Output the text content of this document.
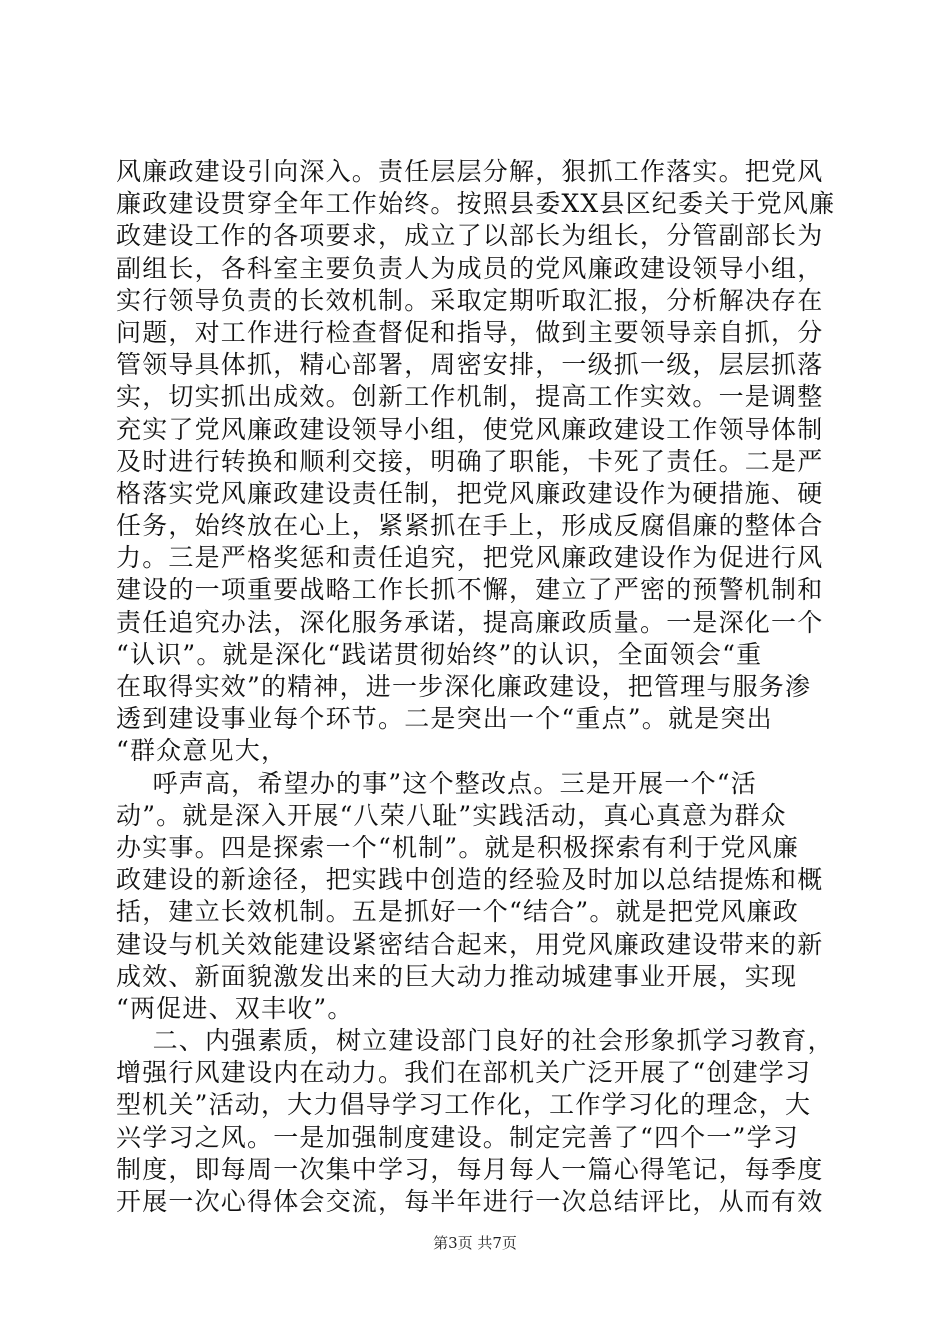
风廉政建设引向深入。责任层层分解，狠抓工作落实。把党风
廉政建设贯穿全年工作始终。按照县委XX县区纪委关于党风廉
政建设工作的各项要求，成立了以部长为组长，分管副部长为
副组长，各科室主要负责人为成员的党风廉政建设领导小组，
实行领导负责的长效机制。采取定期听取汇报，分析解决存在
问题，对工作进行检查督促和指导，做到主要领导亲自抓，分
管领导具体抓，精心部署，周密安排，一级抓一级，层层抓落
实，切实抓出成效。创新工作机制，提高工作实效。一是调整
充实了党风廉政建设领导小组，使党风廉政建设工作领导体制
及时进行转换和顺利交接，明确了职能，卡死了责任。二是严
格落实党风廉政建设责任制，把党风廉政建设作为硬措施、硬
任务，始终放在心上，紧紧抓在手上，形成反腐倡廉的整体合
力。三是严格奖惩和责任追究，把党风廉政建设作为促进行风
建设的一项重要战略工作长抓不懈，建立了严密的预警机制和
责任追究办法，深化服务承诺，提高廉政质量。一是深化一个
“认识”。就是深化“践诺贯彻始终”的认识，全面领会“重
在取得实效”的精神，进一步深化廉政建设，把管理与服务渗
透到建设事业每个环节。二是突出一个“重点”。就是突出
“群众意见大，
呼声高，希望办的事”这个整改点。三是开展一个“活
动”。就是深入开展“八荣八耻”实践活动，真心真意为群众
办实事。四是探索一个“机制”。就是积极探索有利于党风廉
政建设的新途径，把实践中创造的经验及时加以总结提炼和概
括，建立长效机制。五是抓好一个“结合”。就是把党风廉政
建设与机关效能建设紧密结合起来，用党风廉政建设带来的新
成效、新面貌激发出来的巨大动力推动城建事业开展，实现
“两促进、双丰收”。
二、内强素质，树立建设部门良好的社会形象抓学习教育，
增强行风建设内在动力。我们在部机关广泛开展了“创建学习
型机关”活动，大力倡导学习工作化，工作学习化的理念，大
兴学习之风。一是加强制度建设。制定完善了“四个一”学习
制度，即每周一次集中学习，每月每人一篇心得笔记，每季度
开展一次心得体会交流，每半年进行一次总结评比，从而有效
第3页 共7页
